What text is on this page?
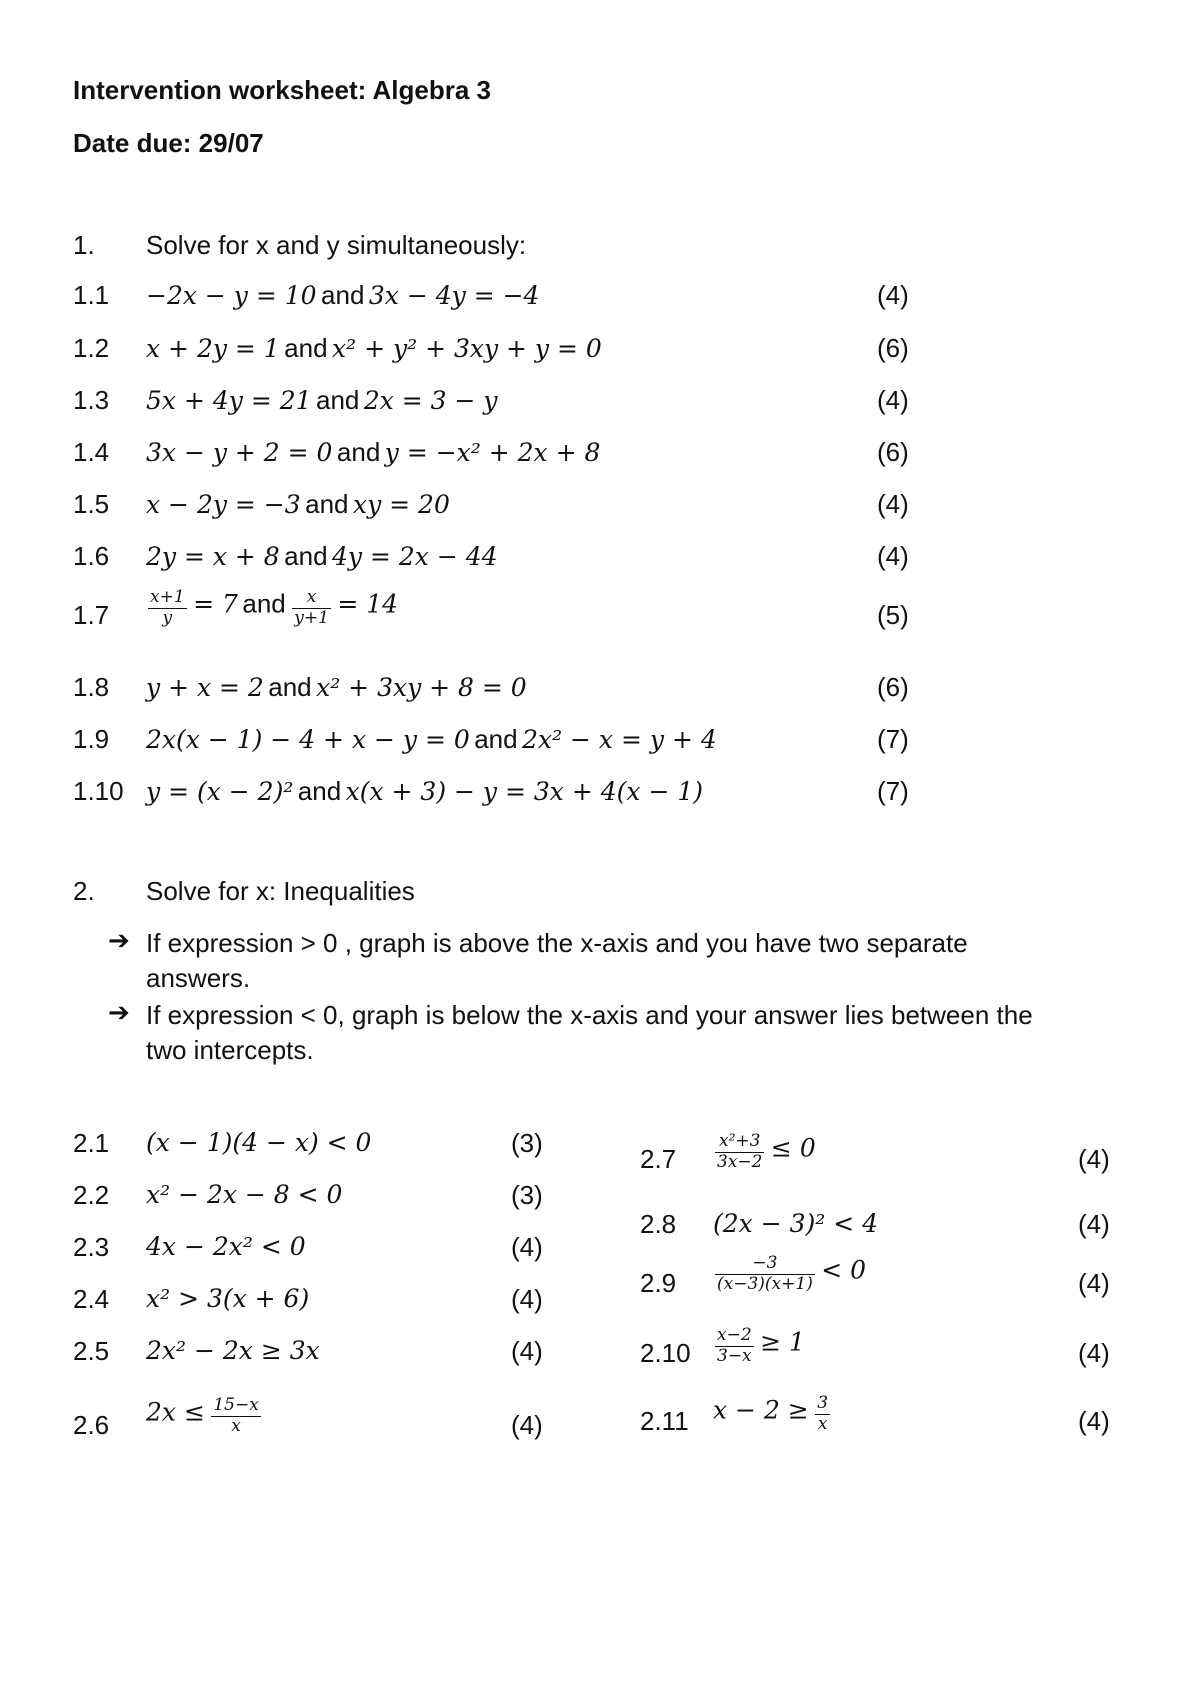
Intervention worksheet: Algebra 3
Date due: 29/07
1. Solve for x and y simultaneously:
1.1 −2x − y = 10 and 3x − 4y = −4	(4)
1.2 x + 2y = 1 and x² + y² + 3xy + y = 0	(6)
1.3 5x + 4y = 21 and 2x = 3 − y	(4)
1.4 3x − y + 2 = 0 and y = −x² + 2x + 8	(6)
1.5 x − 2y = −3 and xy = 20	(4)
1.6 2y = x + 8 and 4y = 2x − 44	(4)
1.8 y + x = 2 and x² + 3xy + 8 = 0	(6)
1.9 2x(x − 1) − 4 + x − y = 0 and 2x² − x = y + 4	(7)
1.10 y = (x − 2)² and x(x + 3) − y = 3x + 4(x − 1)	(7)
$1.7 \frac{x+1}{y} = 7$ and $\frac{x}{y+1} = 14$	(5)
2. Solve for x: Inequalities
➔ If expression > 0 , graph is above the x-axis and you have two separate
answers.
➔ If expression < 0, graph is below the x-axis and your answer lies between the
two intercepts.
2.1 (x − 1)(4 − x) < 0	(3)
2.2 x² − 2x − 8 < 0	(3)
2.3 4x − 2x² < 0	(4)
2.4 x² > 3(x + 6)	(4)
2.5 2x² − 2x ≥ 3x	(4)
2.6 $2x \le \frac{15-x}{x}$	(4)
$2.7 \frac{\text{x²+3}}{3x-2} \le 0$	(4)
2.8 (2x − 3)² < 4	(4)
$2.9 \frac{-3}{(x-3)(x+1)} < 0$	(4)
$2.10 \frac{x-2}{3-x} \ge 1$	(4)
2.11 $x - 2 \ge \frac{3}{x}$	(4)
